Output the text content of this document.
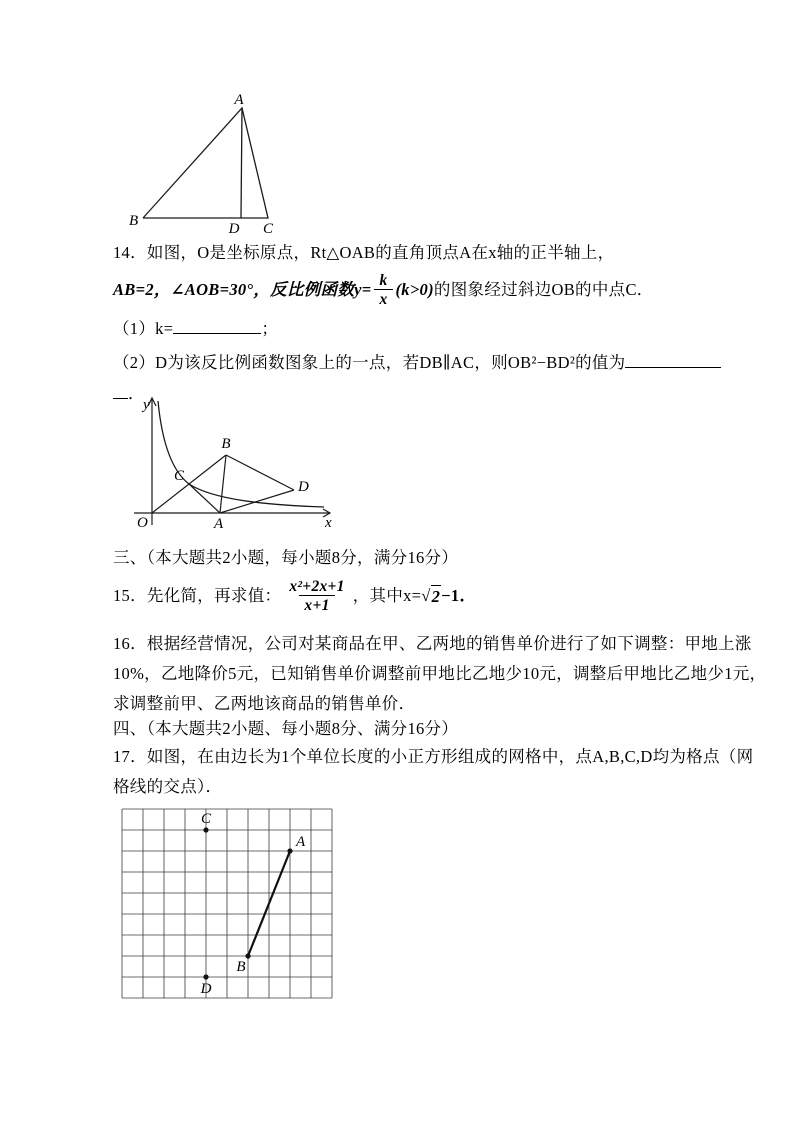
A
B	D C
14．如图，O是坐标原点，Rt△OAB的直角顶点A在x轴的正半轴上，
AB=2，∠AOB=30°，反比例函数$y= \frac{k}{x} (k>0)$ 的图象经过斜边OB的中点C．
（1）k=	；
（2）D为该反比例函数图象上的一点，若DB∥AC，则OB²−BD²的值为
．
y
x
O	A
B
C
D
三、（本大题共2小题，每小题8分，满分16分）
15．先化简，再求值： $\frac{\text{x²+2x+1}}{x+1}$ ，其中x= √ 2 −1．
16．根据经营情况，公司对某商品在甲、乙两地的销售单价进行了如下调整：甲地上涨
10%，乙地降价5元，已知销售单价调整前甲地比乙地少10元，调整后甲地比乙地少1元，
求调整前甲、乙两地该商品的销售单价．
四、（本大题共2小题、每小题8分、满分16分）
17．如图，在由边长为1个单位长度的小正方形组成的网格中，点A,B,C,D均为格点（网
格线的交点）．
C
A
B
D
